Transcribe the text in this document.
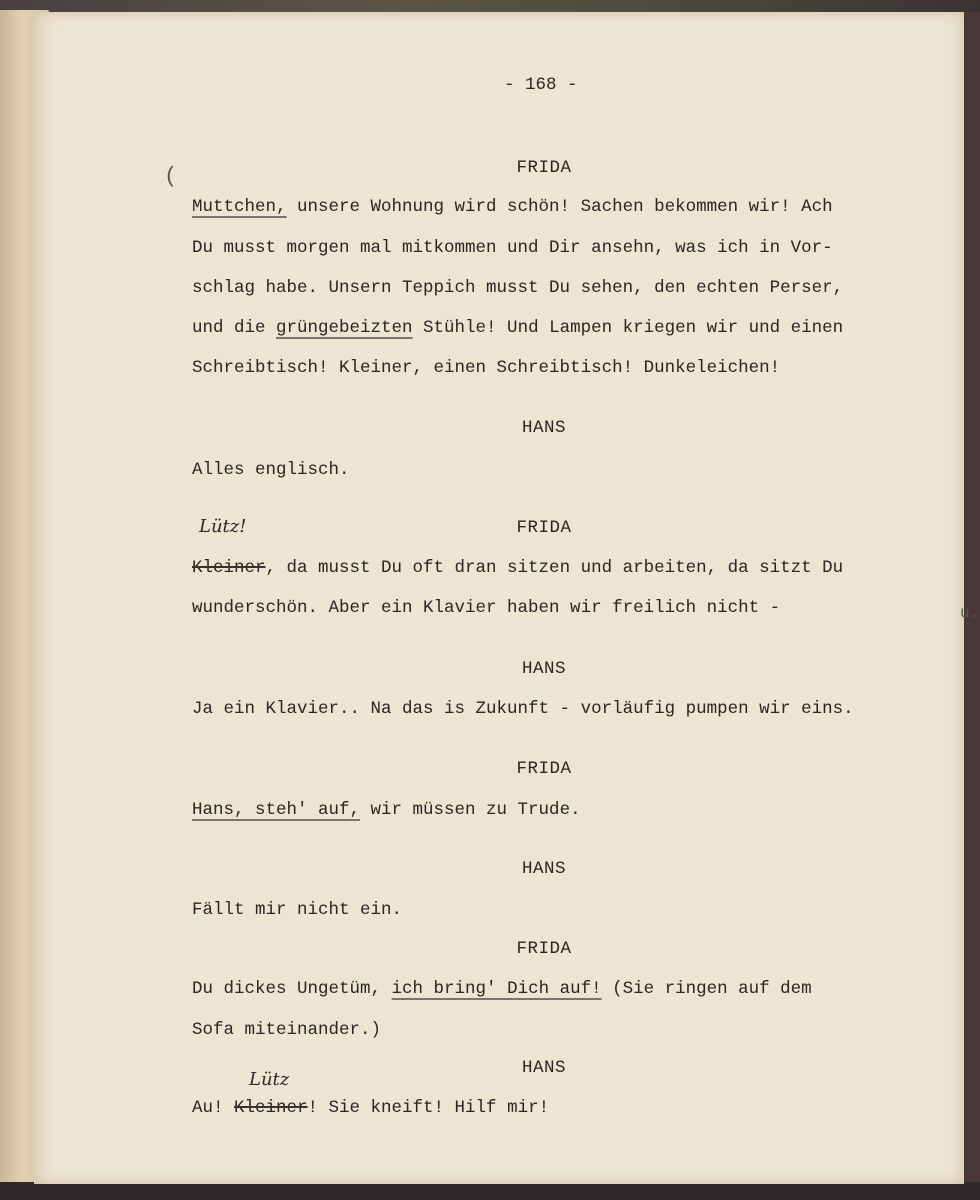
- 168 -
FRIDA
(
Muttchen, unsere Wohnung wird schön! Sachen bekommen wir! Ach
Du musst morgen mal mitkommen und Dir ansehn, was ich in Vor-
schlag habe. Unsern Teppich musst Du sehen, den echten Perser,
und die grüngebeizten Stühle! Und Lampen kriegen wir und einen
Schreibtisch! Kleiner, einen Schreibtisch! Dunkeleichen!
HANS
Alles englisch.
Lütz!	FRIDA
Kleiner, da musst Du oft dran sitzen und arbeiten, da sitzt Du
wunderschön. Aber ein Klavier haben wir freilich nicht -	u.
HANS
Ja ein Klavier.. Na das is Zukunft - vorläufig pumpen wir eins.
FRIDA
Hans, steh' auf, wir müssen zu Trude.
HANS
Fällt mir nicht ein.
FRIDA
Du dickes Ungetüm, ich bring' Dich auf! (Sie ringen auf dem
Sofa miteinander.)
HANS
Lütz
Au! Kleiner! Sie kneift! Hilf mir!
